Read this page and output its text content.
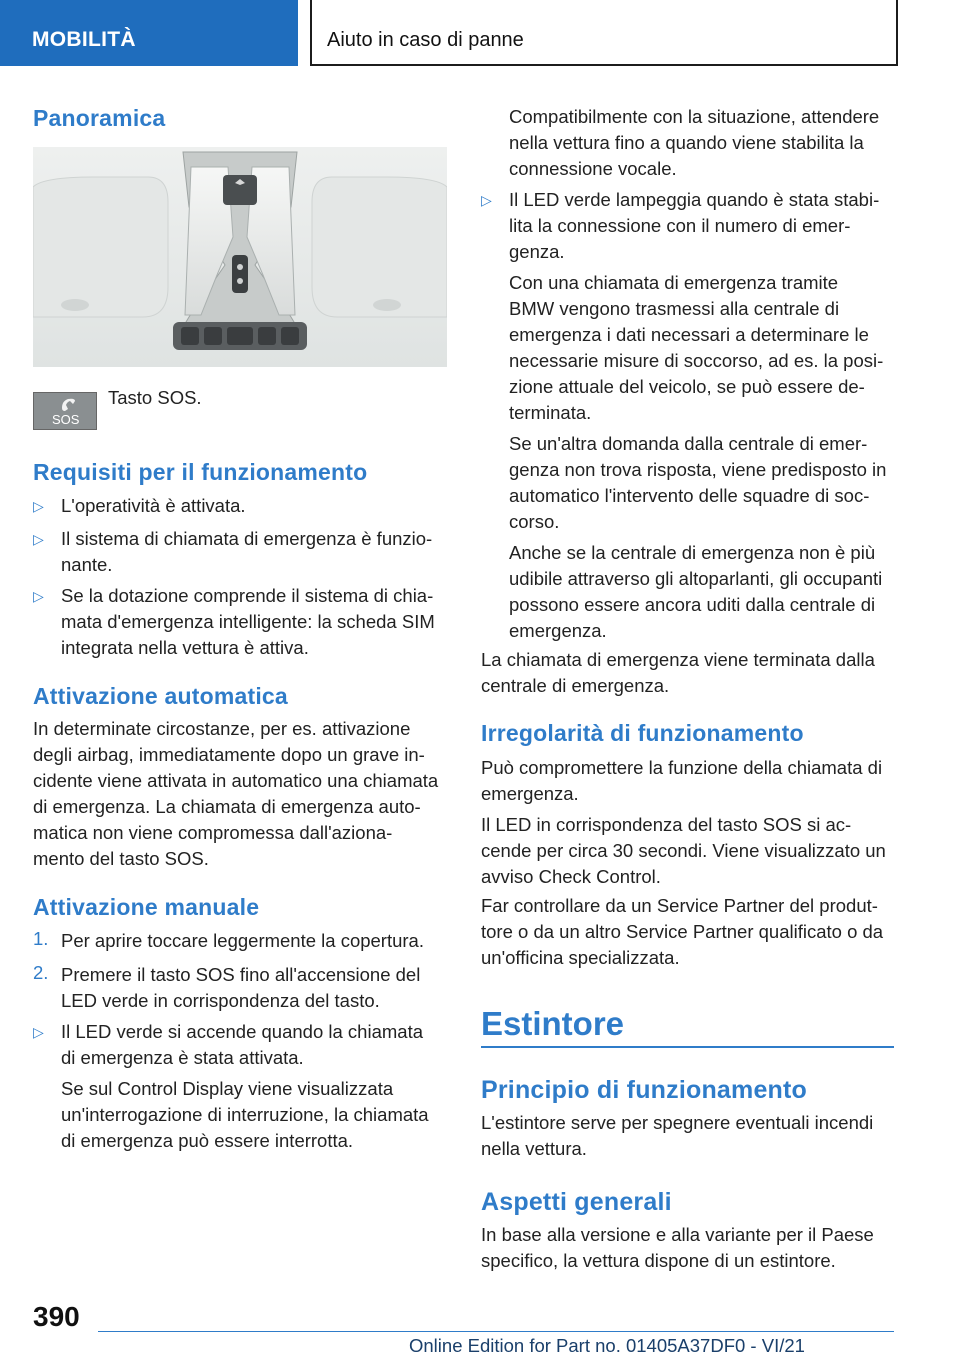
MOBILITÀ	Aiuto in caso di panne
Panoramica
SOS

Tasto SOS.

Requisiti per il funzionamento
▷ L'operatività è attivata.

▷ Il sistema di chiamata di emergenza è funzio-

nante.

▷ Se la dotazione comprende il sistema di chia-

mata d'emergenza intelligente: la scheda SIM

integrata nella vettura è attiva.

Attivazione automatica

In determinate circostanze, per es. attivazione

degli airbag, immediatamente dopo un grave in-

cidente viene attivata in automatico una chiamata

di emergenza. La chiamata di emergenza auto-

matica non viene compromessa dall'aziona-

mento del tasto SOS.

Attivazione manuale
1. Per aprire toccare leggermente la copertura.

2. Premere il tasto SOS fino all'accensione del

LED verde in corrispondenza del tasto.

▷ Il LED verde si accende quando la chiamata

di emergenza è stata attivata.

Se sul Control Display viene visualizzata

un'interrogazione di interruzione, la chiamata

di emergenza può essere interrotta.

Compatibilmente con la situazione, attendere

nella vettura fino a quando viene stabilita la

connessione vocale.

▷ Il LED verde lampeggia quando è stata stabi-

lita la connessione con il numero di emer-

genza.

Con una chiamata di emergenza tramite

BMW vengono trasmessi alla centrale di

emergenza i dati necessari a determinare le

necessarie misure di soccorso, ad es. la posi-

zione attuale del veicolo, se può essere de-

terminata.

Se un'altra domanda dalla centrale di emer-

genza non trova risposta, viene predisposto in

automatico l'intervento delle squadre di soc-

corso.

Anche se la centrale di emergenza non è più

udibile attraverso gli altoparlanti, gli occupanti

possono essere ancora uditi dalla centrale di

emergenza.

La chiamata di emergenza viene terminata dalla

centrale di emergenza.

Irregolarità di funzionamento

Può compromettere la funzione della chiamata di

emergenza.

Il LED in corrispondenza del tasto SOS si ac-

cende per circa 30 secondi. Viene visualizzato un

avviso Check Control.

Far controllare da un Service Partner del produt-

tore o da un altro Service Partner qualificato o da

un'officina specializzata.

Estintore
Principio di funzionamento

L'estintore serve per spegnere eventuali incendi

nella vettura.

Aspetti generali

In base alla versione e alla variante per il Paese

specifico, la vettura dispone di un estintore.

390
Online Edition for Part no. 01405A37DF0 - VI/21
